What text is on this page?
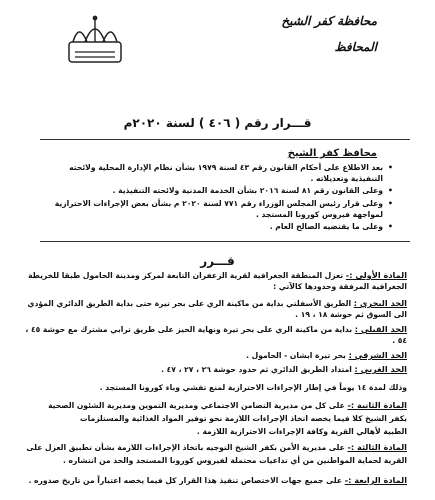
محافظة كفر الشيخ
المحافظ
قـــرار رقم ( ٤٠٦ ) لسنة ٢٠٢٠م
محافظ كفر الشيخ
•
بعد الاطلاع على أحكام القانون رقم ٤٣ لسنة ١٩٧٩ بشأن نظام الإدارة المحلية ولائحته التنفيذية وتعديلاته .
•
وعلى القانون رقم ٨١ لسنة ٢٠١٦ بشأن الخدمة المدنية ولائحته التنفيذية .
•
وعلى قرار رئيس المجلس الوزراء رقم ٧٧١ لسنة ٢٠٢٠ م بشأن بعض الإجراءات الاحترازية لمواجهة فيروس كورونا المستجد .
•
وعلى ما يقتضيه الصالح العام .
قـــرر
المادة الأولى :- تعزل المنطقة الجغرافية لقرية الزعفران التابعة لمركز ومدينة الحامول طبقا للخريطة الجغرافية المرفقة وحدودها كالآتي :
الحد البحري : الطريق الأسفلتي بداية من ماكينة الري على بحر تيرة حتى بداية الطريق الدائري المؤدي الى السوق ثم حوشة ١٨ ، ١٩ .
الحد القبلي : بداية من ماكينة الري على بحر تيرة ونهاية الحيز على طريق ترابي مشترك مع حوشة ٤٥ ، ٥٤ .
الحد الشرقي : بحر تيرة ابشان - الحامول .
الحد الغربي : امتداد الطريق الدائري ثم حدود حوشة ٢٦ ، ٢٧ ، ٤٧ .
وذلك لمدة ١٤ يوماً في إطار الإجراءات الاحترازية لمنع تفشي وباء كورونا المستجد .
المادة الثانية :- على كل من مديرية التضامن الاجتماعي ومديرية التموين ومديرية الشئون الصحية
بكفر الشيخ كلا فيما يخصه اتخاذ الإجراءات اللازمة نحو توفير المواد الغذائية والمستلزمات
الطبية لأهالي القرية وكافة الإجراءات الاحترازية اللازمة .
المادة الثالثة :- على مديرية الأمن بكفر الشيخ التوجيه باتخاذ الإجراءات اللازمة بشأن تطبيق العزل على
القرية لحماية المواطنين من أي تداعيات محتملة لفيروس كورونا المستجد والحد من انتشاره .
المادة الرابعة :- على جميع جهات الاختصاص تنفيذ هذا القرار كل فيما يخصه اعتباراً من تاريخ صدوره .
